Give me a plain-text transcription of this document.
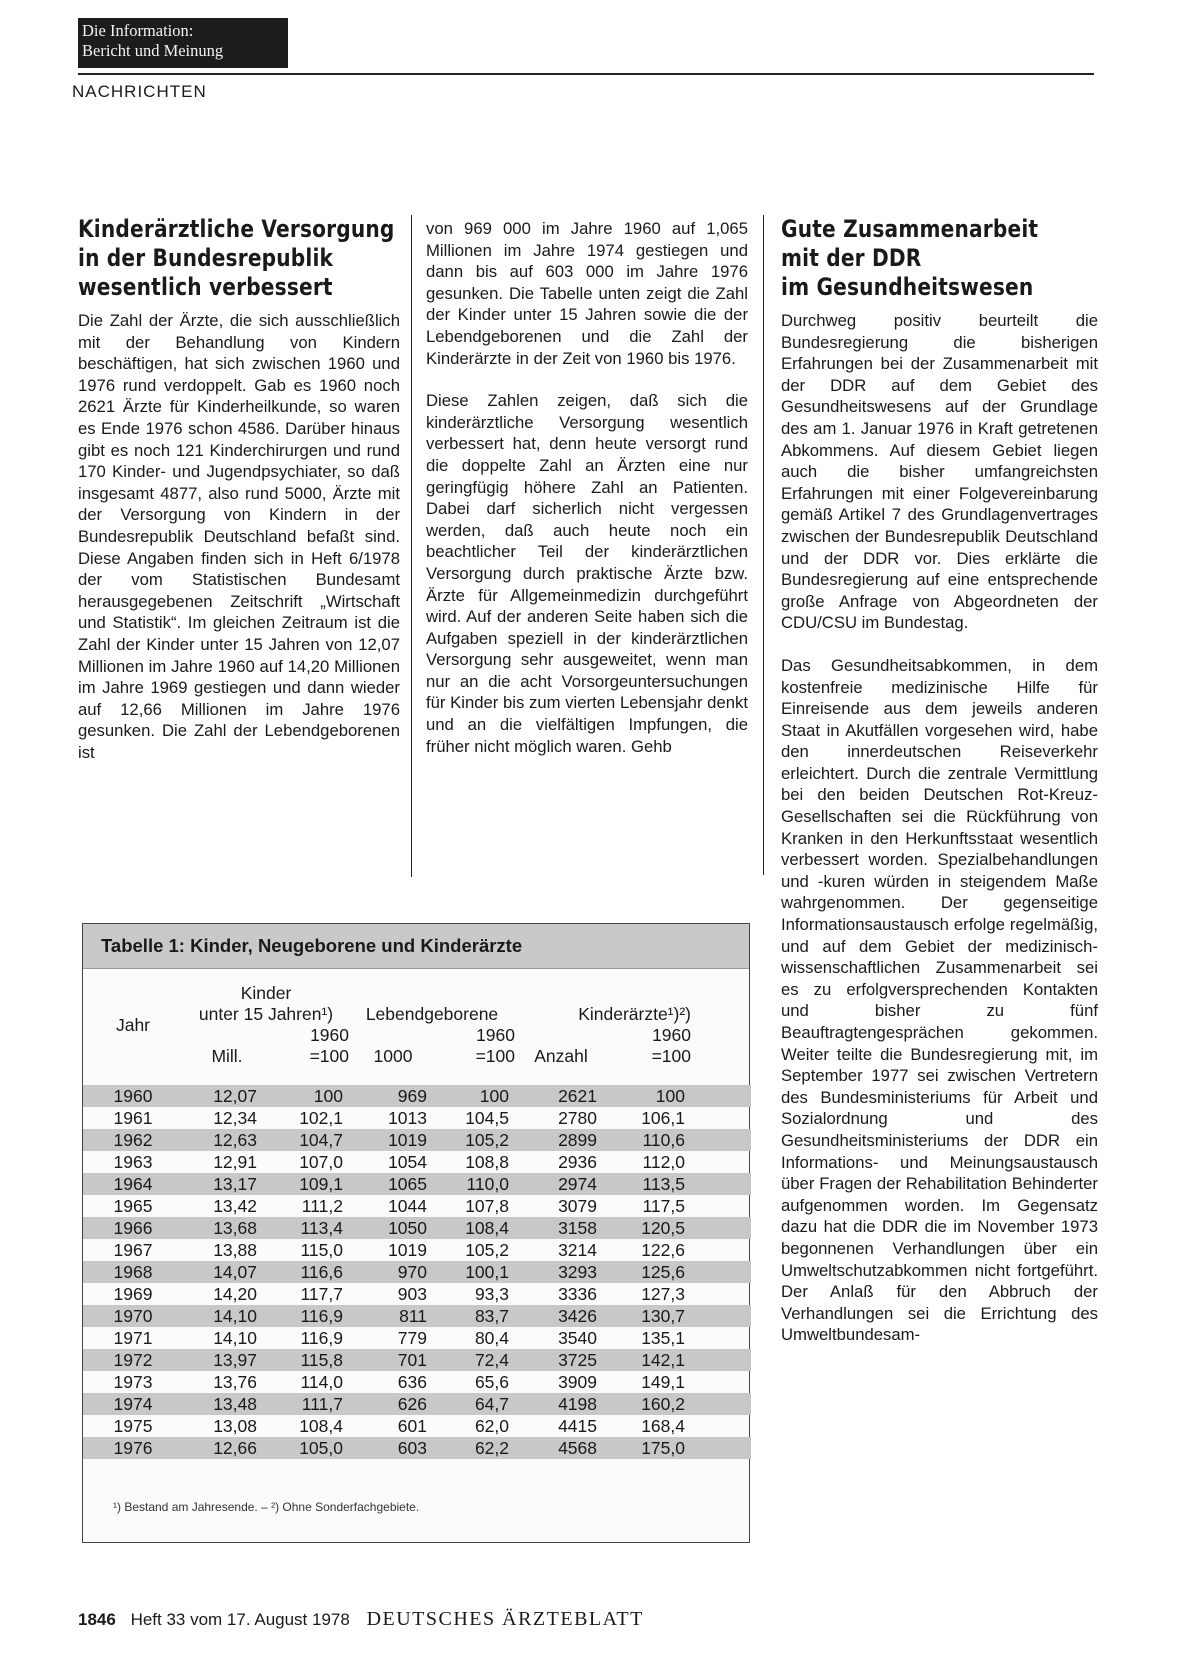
Die Information:
Bericht und Meinung
NACHRICHTEN
Kinderärztliche Versorgung
in der Bundesrepublik
wesentlich verbessert

Die Zahl der Ärzte, die sich ausschließlich mit der Behandlung von Kindern beschäftigen, hat sich zwischen 1960 und 1976 rund verdoppelt. Gab es 1960 noch 2621 Ärzte für Kinderheilkunde, so waren es Ende 1976 schon 4586. Darüber hinaus gibt es noch 121 Kinderchirurgen und rund 170 Kinder- und Jugendpsychiater, so daß insgesamt 4877, also rund 5000, Ärzte mit der Versorgung von Kindern in der Bundesrepublik Deutschland befaßt sind. Diese Angaben finden sich in Heft 6/1978 der vom Statistischen Bundesamt herausgegebenen Zeitschrift „Wirtschaft und Statistik“. Im gleichen Zeitraum ist die Zahl der Kinder unter 15 Jahren von 12,07 Millionen im Jahre 1960 auf 14,20 Millionen im Jahre 1969 gestiegen und dann wieder auf 12,66 Millionen im Jahre 1976 gesunken. Die Zahl der Lebendgeborenen ist

von 969 000 im Jahre 1960 auf 1,065 Millionen im Jahre 1974 gestiegen und dann bis auf 603 000 im Jahre 1976 gesunken. Die Tabelle unten zeigt die Zahl der Kinder unter 15 Jahren sowie die der Lebendgeborenen und die Zahl der Kinderärzte in der Zeit von 1960 bis 1976.

Diese Zahlen zeigen, daß sich die kinderärztliche Versorgung wesentlich verbessert hat, denn heute versorgt rund die doppelte Zahl an Ärzten eine nur geringfügig höhere Zahl an Patienten. Dabei darf sicherlich nicht vergessen werden, daß auch heute noch ein beachtlicher Teil der kinderärztlichen Versorgung durch praktische Ärzte bzw. Ärzte für Allgemeinmedizin durchgeführt wird. Auf der anderen Seite haben sich die Aufgaben speziell in der kinderärztlichen Versorgung sehr ausgeweitet, wenn man nur an die acht Vorsorgeuntersuchungen für Kinder bis zum vierten Lebensjahr denkt und an die vielfältigen Impfungen, die früher nicht möglich waren. Gehb

Gute Zusammenarbeit
mit der DDR
im Gesundheitswesen

Durchweg positiv beurteilt die Bundesregierung die bisherigen Erfahrungen bei der Zusammenarbeit mit der DDR auf dem Gebiet des Gesundheitswesens auf der Grundlage des am 1. Januar 1976 in Kraft getretenen Abkommens. Auf diesem Gebiet liegen auch die bisher umfangreichsten Erfahrungen mit einer Folgevereinbarung gemäß Artikel 7 des Grundlagenvertrages zwischen der Bundesrepublik Deutschland und der DDR vor. Dies erklärte die Bundesregierung auf eine entsprechende große Anfrage von Abgeordneten der CDU/CSU im Bundestag.

Das Gesundheitsabkommen, in dem kostenfreie medizinische Hilfe für Einreisende aus dem jeweils anderen Staat in Akutfällen vorgesehen wird, habe den innerdeutschen Reiseverkehr erleichtert. Durch die zentrale Vermittlung bei den beiden Deutschen Rot-Kreuz-Gesellschaften sei die Rückführung von Kranken in den Herkunftsstaat wesentlich verbessert worden. Spezialbehandlungen und -kuren würden in steigendem Maße wahrgenommen. Der gegenseitige Informationsaustausch erfolge regelmäßig, und auf dem Gebiet der medizinisch-wissenschaftlichen Zusammenarbeit sei es zu erfolgversprechenden Kontakten und bisher zu fünf Beauftragtengesprächen gekommen. Weiter teilte die Bundesregierung mit, im September 1977 sei zwischen Vertretern des Bundesministeriums für Arbeit und Sozialordnung und des Gesundheitsministeriums der DDR ein Informations- und Meinungsaustausch über Fragen der Rehabilitation Behinderter aufgenommen worden. Im Gegensatz dazu hat die DDR die im November 1973 begonnenen Verhandlungen über ein Umweltschutzabkommen nicht fortgeführt. Der Anlaß für den Abbruch der Verhandlungen sei die Errichtung des Umweltbundesam-

Tabelle 1: Kinder, Neugeborene und Kinderärzte
Jahr	Kinder						
	unter 15 Jahren¹)		Lebendgeborene		Kinderärzte¹)²)		
		1960		1960		1960	
	Mill.	=100	1000	=100	Anzahl	=100	

1960	12,07	100	969	100	2621	100	
1961	12,34	102,1	1013	104,5	2780	106,1	
1962	12,63	104,7	1019	105,2	2899	110,6	
1963	12,91	107,0	1054	108,8	2936	112,0	
1964	13,17	109,1	1065	110,0	2974	113,5	
1965	13,42	111,2	1044	107,8	3079	117,5	
1966	13,68	113,4	1050	108,4	3158	120,5	
1967	13,88	115,0	1019	105,2	3214	122,6	
1968	14,07	116,6	970	100,1	3293	125,6	
1969	14,20	117,7	903	93,3	3336	127,3	
1970	14,10	116,9	811	83,7	3426	130,7	
1971	14,10	116,9	779	80,4	3540	135,1	
1972	13,97	115,8	701	72,4	3725	142,1	
1973	13,76	114,0	636	65,6	3909	149,1	
1974	13,48	111,7	626	64,7	4198	160,2	
1975	13,08	108,4	601	62,0	4415	168,4	
1976	12,66	105,0	603	62,2	4568	175,0	
¹) Bestand am Jahresende. – ²) Ohne Sonderfachgebiete.
1846 Heft 33 vom 17. August 1978 DEUTSCHES ÄRZTEBLATT
